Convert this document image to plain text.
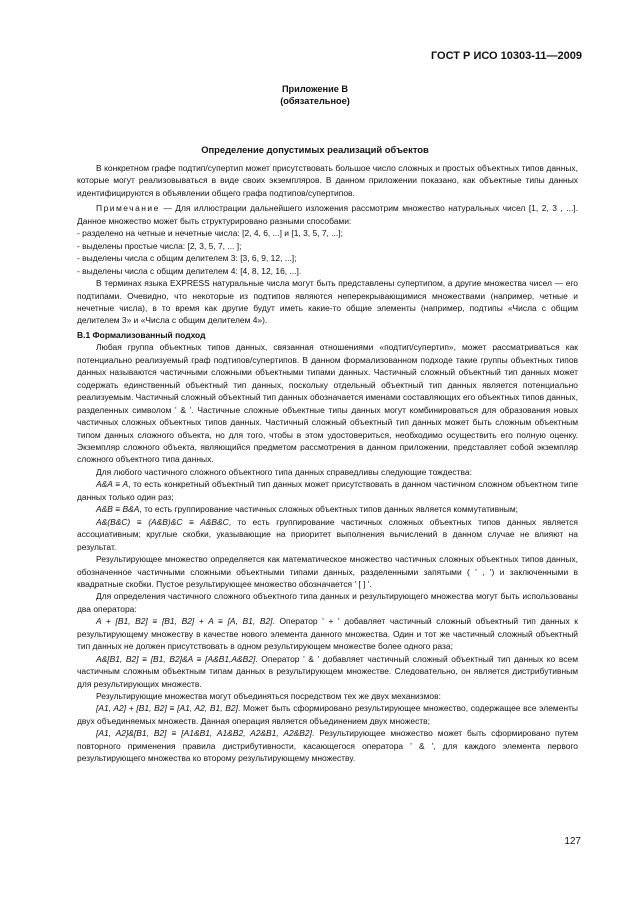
ГОСТ Р ИСО 10303-11—2009
Приложение В
(обязательное)
Определение допустимых реализаций объектов

В конкретном графе подтип/супертип может присутствовать большое число сложных и простых объектных типов данных, которые могут реализовываться в виде своих экземпляров. В данном приложении показано, как объектные типы данных идентифицируются в объявлении общего графа подтипов/супертипов.

Примечание — Для иллюстрации дальнейшего изложения рассмотрим множество натуральных чисел [1, 2, 3 , ...]. Данное множество может быть структурировано разными способами:

- разделено на четные и нечетные числа: [2, 4, 6, ...] и [1, 3, 5, 7, ...];

- выделены простые числа: [2, 3, 5, 7, ... ];

- выделены числа с общим делителем 3: [3, 6, 9, 12, ...];

- выделены числа с общим делителем 4: [4, 8, 12, 16, ...].

В терминах языка EXPRESS натуральные числа могут быть представлены супертипом, а другие множества чисел — его подтипами. Очевидно, что некоторые из подтипов являются неперекрывающимися множествами (например, четные и нечетные числа), в то время как другие будут иметь какие-то общие элементы (например, подтипы «Числа с общим делителем 3» и «Числа с общим делителем 4»).

В.1 Формализованный подход

Любая группа объектных типов данных, связанная отношениями «подтип/супертип», может рассматриваться как потенциально реализуемый граф подтипов/супертипов. В данном формализованном подходе такие группы объектных типов данных называются частичными сложными объектными типами данных. Частичный сложный объектный тип данных может содержать единственный объектный тип данных, поскольку отдельный объектный тип данных является потенциально реализуемым. Частичный сложный объектный тип данных обозначается именами составляющих его объектных типов данных, разделенных символом ' & '. Частичные сложные объектные типы данных могут комбинироваться для образования новых частичных сложных объектных типов данных. Частичный сложный объектный тип данных может быть сложным объектным типом данных сложного объекта, но для того, чтобы в этом удостовериться, необходимо осуществить его полную оценку. Экземпляр сложного объекта, являющийся предметом рассмотрения в данном приложении, представляет собой экземпляр сложного объектного типа данных.

Для любого частичного сложного объектного типа данных справедливы следующие тождества:

A&A ≡ A, то есть конкретный объектный тип данных может присутствовать в данном частичном сложном объектном типе данных только один раз;

A&B ≡ B&A, то есть группирование частичных сложных объектных типов данных является коммутативным;

A&(B&C) ≡ (A&B)&C ≡ A&B&C, то есть группирование частичных сложных объектных типов данных является ассоциативным; круглые скобки, указывающие на приоритет выполнения вычислений в данном случае не влияют на результат.

Результирующее множество определяется как математическое множество частичных сложных объектных типов данных, обозначенное частичными сложными объектными типами данных, разделенными запятыми ( ' , ') и заключенными в квадратные скобки. Пустое результирующее множество обозначается ' [ ] '.

Для определения частичного сложного объектного типа данных и результирующего множества могут быть использованы два оператора:

A + [B1, B2] ≡ [B1, B2] + A ≡ [A, B1, B2]. Оператор ' + ' добавляет частичный сложный объектный тип данных к результирующему множеству в качестве нового элемента данного множества. Один и тот же частичный сложный объектный тип данных не должен присутствовать в одном результирующем множестве более одного раза;

A&[B1, B2] ≡ [B1, B2]&A ≡ [A&B1,A&B2]. Оператор ' & ' добавляет частичный сложный объектный тип данных ко всем частичным сложным объектным типам данных в результирующем множестве. Следовательно, он является дистрибутивным для результирующих множеств.

Результирующие множества могут объединяться посредством тех же двух механизмов:

[A1, A2] + [B1, B2] ≡ [A1, A2, B1, B2]. Может быть сформировано результирующее множество, содержащее все элементы двух объединяемых множеств. Данная операция является объединением двух множеств;

[A1, A2]&[B1, B2] ≡ [A1&B1, A1&B2, A2&B1, A2&B2]. Результирующее множество может быть сформировано путем повторного применения правила дистрибутивности, касающегося оператора ' & ', для каждого элемента первого результирующего множества ко второму результирующему множеству.

127
